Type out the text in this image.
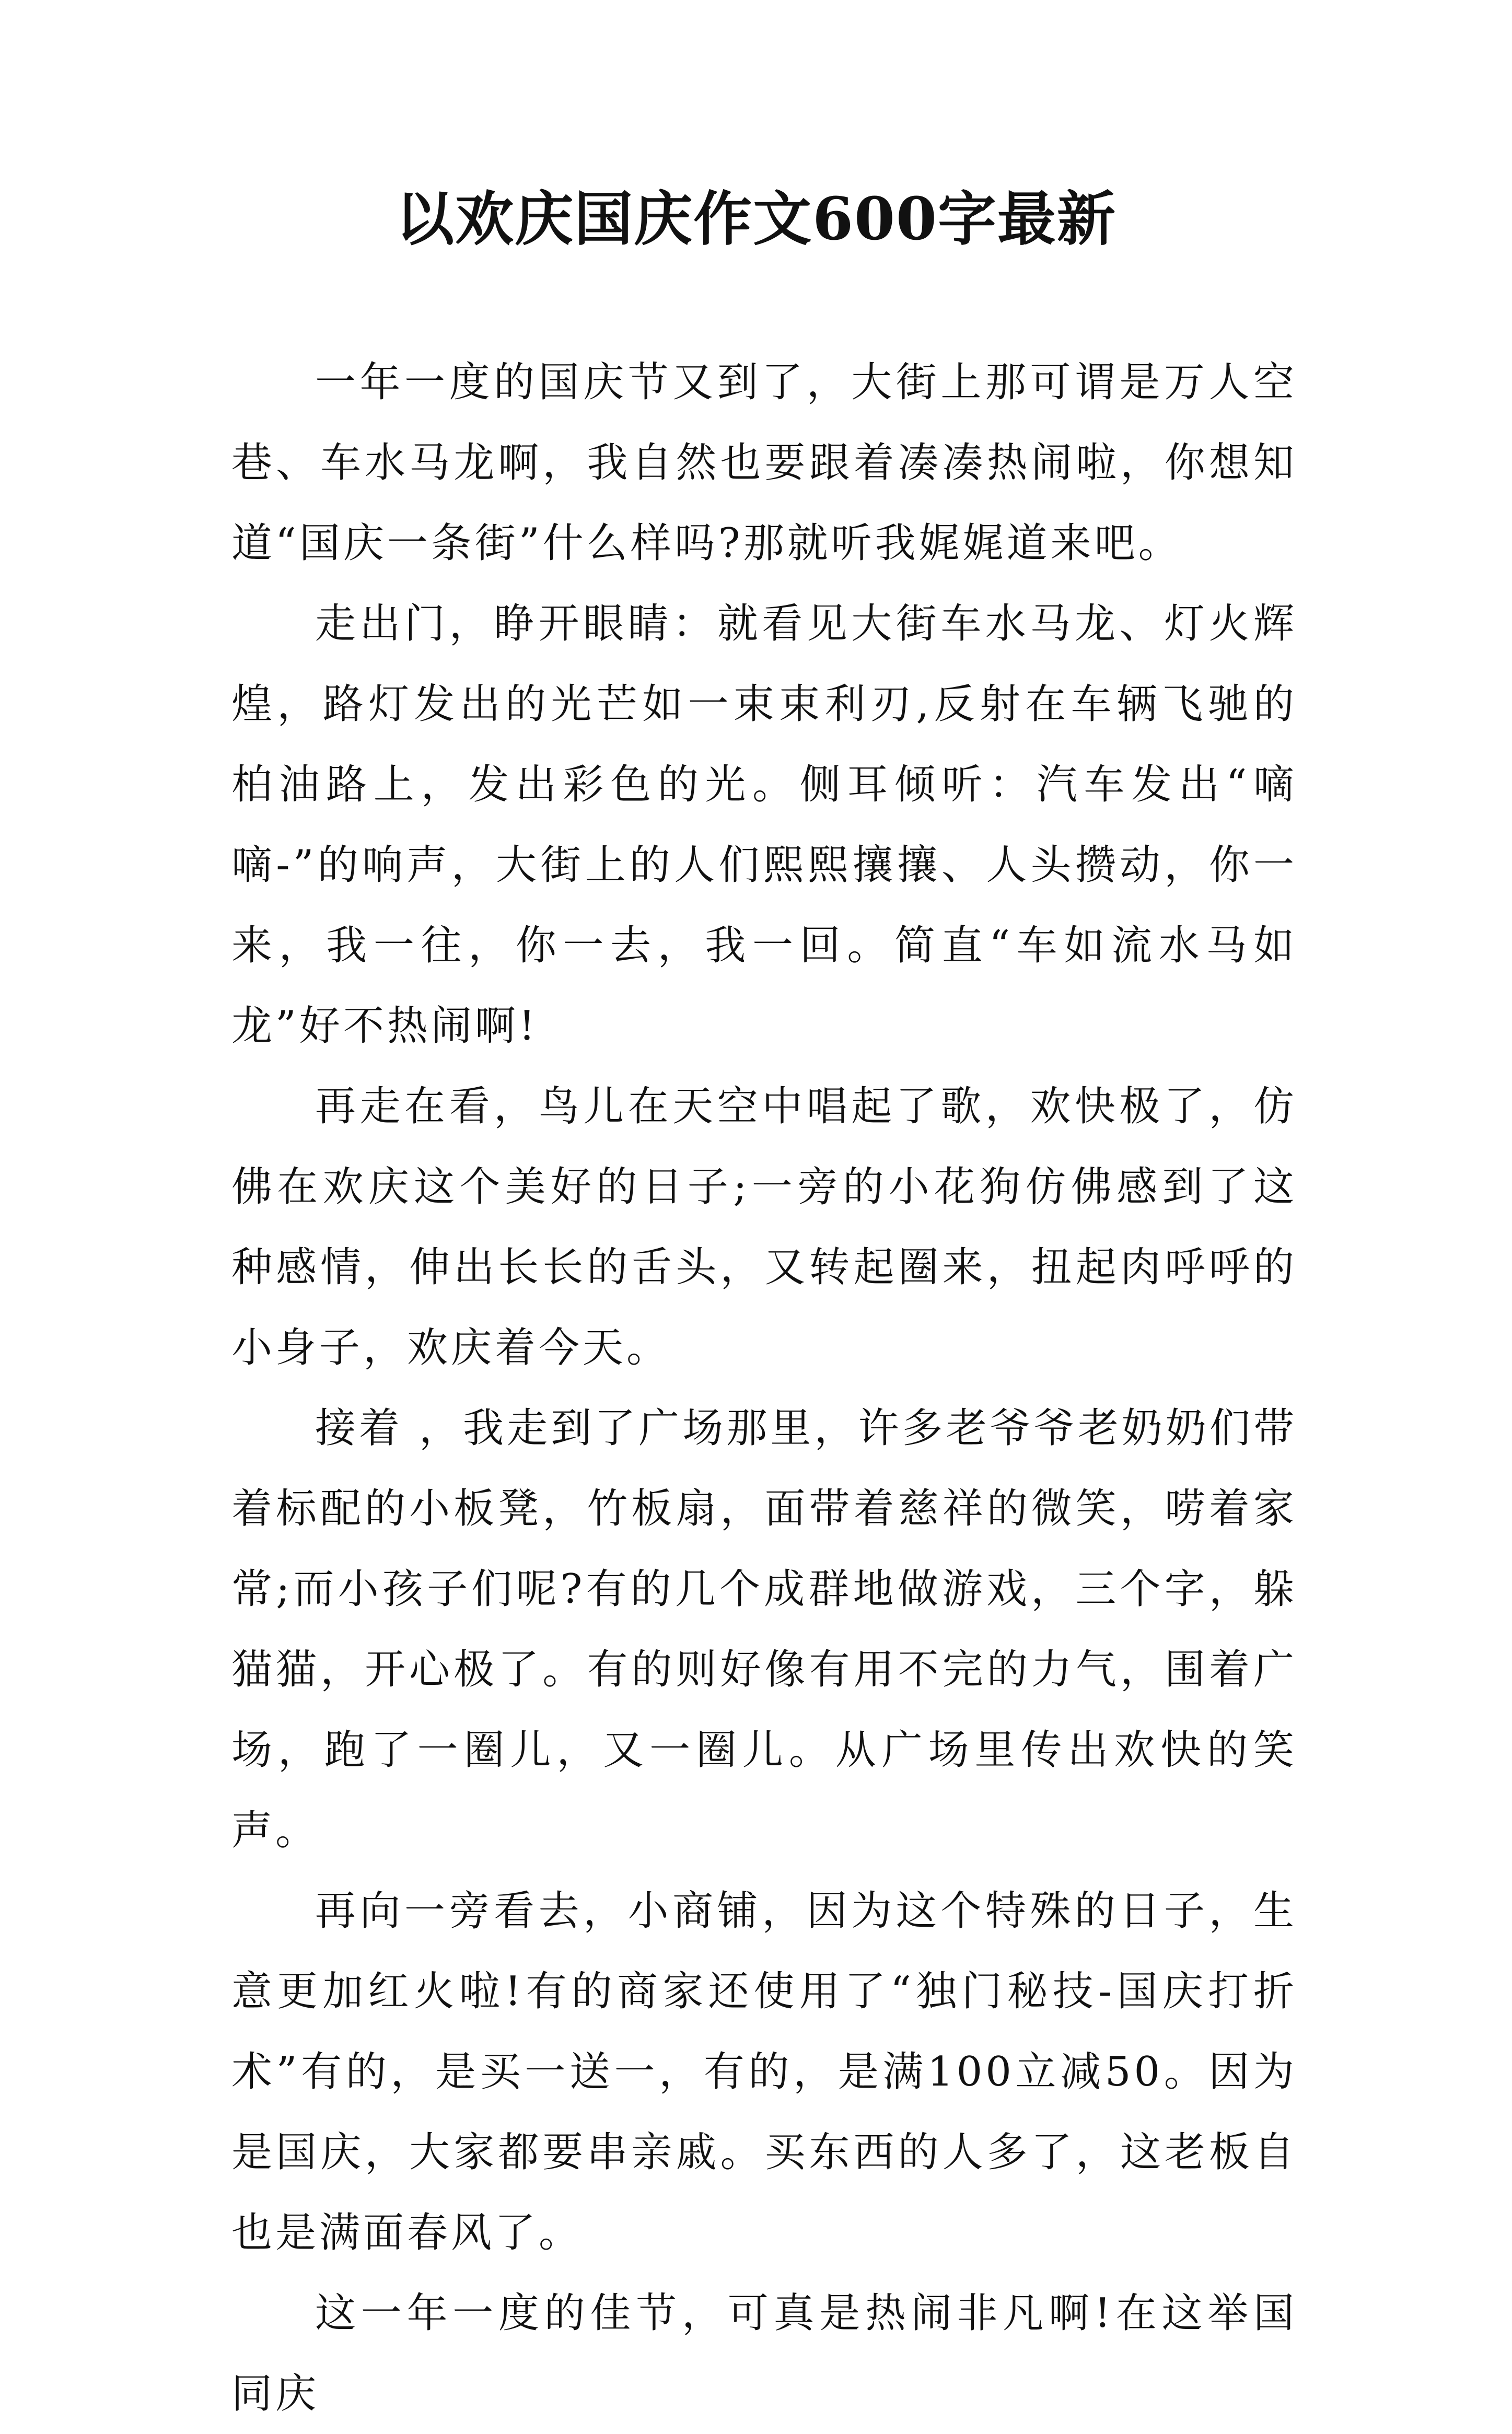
以欢庆国庆作文600字最新

一年一度的国庆节又到了，大街上那可谓是万人空巷、车水马龙啊，我自然也要跟着凑凑热闹啦，你想知道“国庆一条街”什么样吗?那就听我娓娓道来吧。

走出门，睁开眼睛：就看见大街车水马龙、灯火辉煌，路灯发出的光芒如一束束利刃,反射在车辆飞驰的柏油路上，发出彩色的光。侧耳倾听：汽车发出“嘀嘀-”的响声，大街上的人们熙熙攘攘、人头攒动，你一来，我一往，你一去，我一回。简直“车如流水马如龙”好不热闹啊!

再走在看，鸟儿在天空中唱起了歌，欢快极了，仿佛在欢庆这个美好的日子;一旁的小花狗仿佛感到了这种感情，伸出长长的舌头，又转起圈来，扭起肉呼呼的小身子，欢庆着今天。

接着 ，我走到了广场那里，许多老爷爷老奶奶们带着标配的小板凳，竹板扇，面带着慈祥的微笑，唠着家常;而小孩子们呢?有的几个成群地做游戏，三个字，躲猫猫，开心极了。有的则好像有用不完的力气，围着广场，跑了一圈儿，又一圈儿。从广场里传出欢快的笑声。

再向一旁看去，小商铺，因为这个特殊的日子，生意更加红火啦!有的商家还使用了“独门秘技-国庆打折术”有的，是买一送一，有的，是满100立减50。因为是国庆，大家都要串亲戚。买东西的人多了，这老板自也是满面春风了。

这一年一度的佳节，可真是热闹非凡啊!在这举国同庆
